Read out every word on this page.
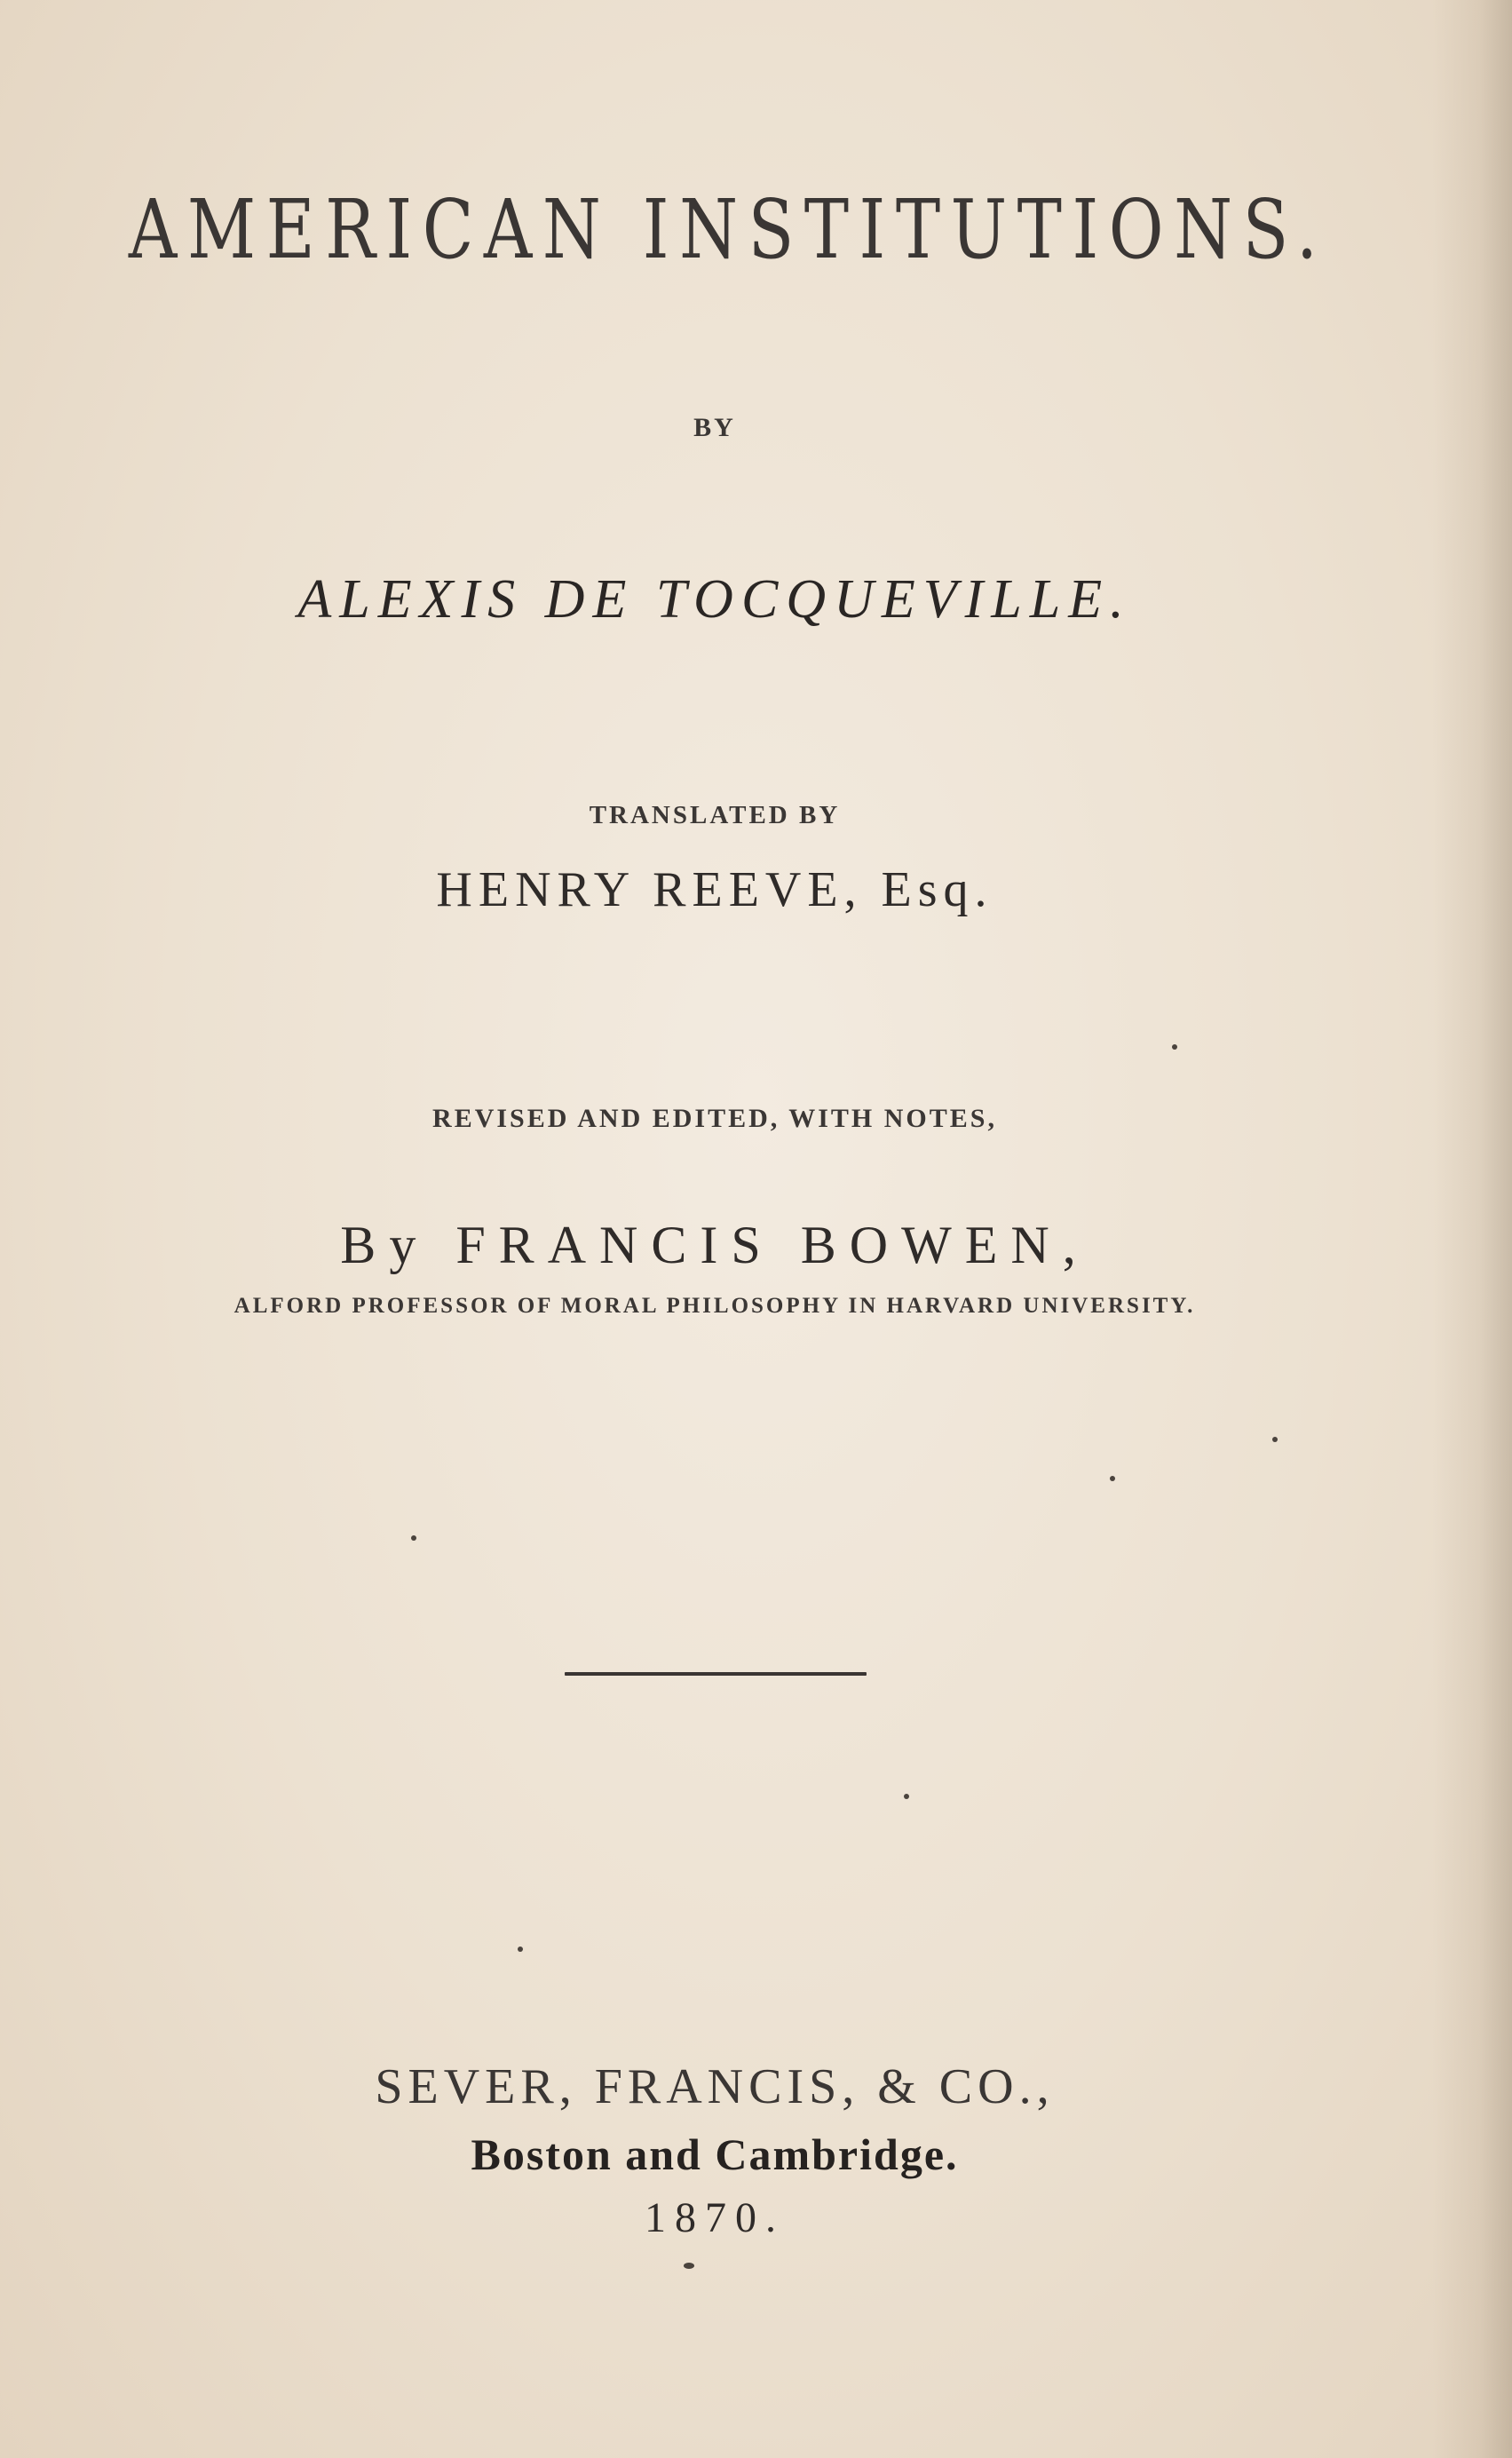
AMERICAN INSTITUTIONS.
BY
ALEXIS DE TOCQUEVILLE.
TRANSLATED BY
HENRY REEVE, Esq.
REVISED AND EDITED, WITH NOTES,
By FRANCIS BOWEN,
ALFORD PROFESSOR OF MORAL PHILOSOPHY IN HARVARD UNIVERSITY.
SEVER, FRANCIS, & CO.,
Boston and Cambridge.
1870.
